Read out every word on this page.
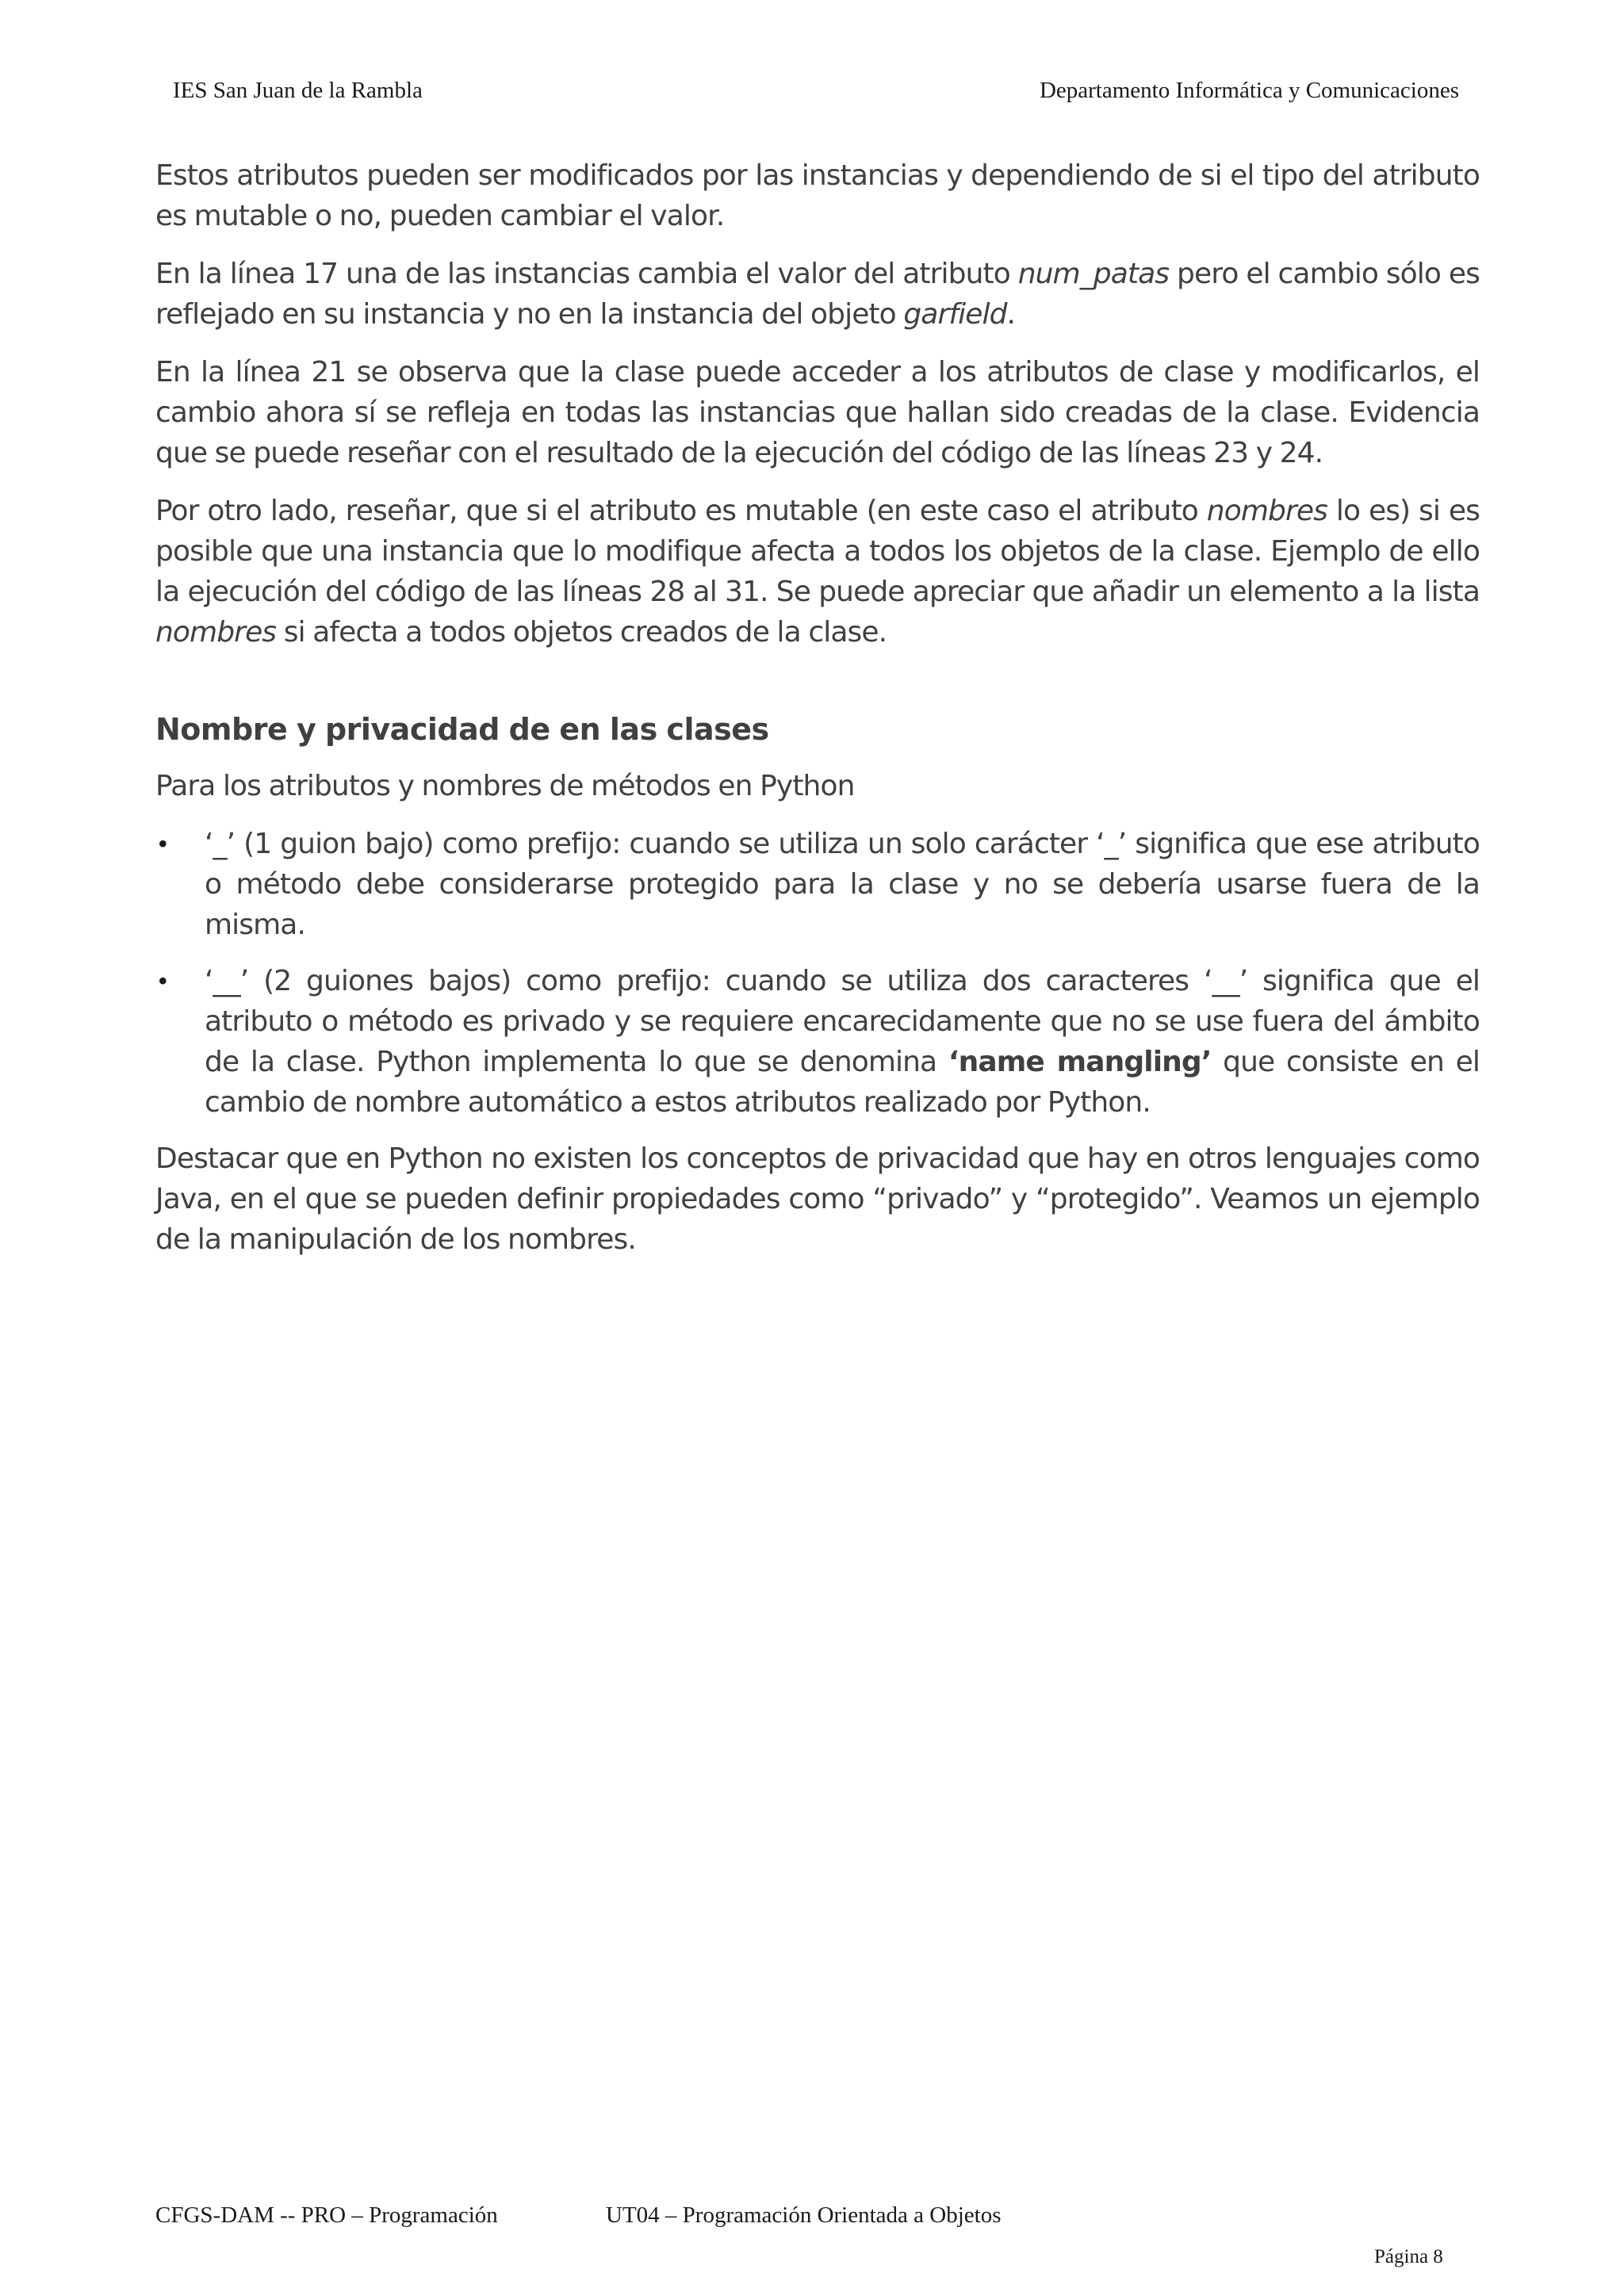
IES San Juan de la Rambla	Departamento Informática y Comunicaciones

Estos atributos pueden ser modificados por las instancias y dependiendo de si el tipo del atributo es mutable o no, pueden cambiar el valor.

En la línea 17 una de las instancias cambia el valor del atributo num_patas pero el cambio sólo es reflejado en su instancia y no en la instancia del objeto garfield.

En la línea 21 se observa que la clase puede acceder a los atributos de clase y modificarlos, el cambio ahora sí se refleja en todas las instancias que hallan sido creadas de la clase. Evidencia que se puede reseñar con el resultado de la ejecución del código de las líneas 23 y 24.

Por otro lado, reseñar, que si el atributo es mutable (en este caso el atributo nombres lo es) si es posible que una instancia que lo modifique afecta a todos los objetos de la clase. Ejemplo de ello la ejecución del código de las líneas 28 al 31. Se puede apreciar que añadir un elemento a la lista nombres si afecta a todos objetos creados de la clase.

Nombre y privacidad de en las clases

Para los atributos y nombres de métodos en Python

• ‘_’ (1 guion bajo) como prefijo: cuando se utiliza un solo carácter ‘_’ significa que ese atributo o método debe considerarse protegido para la clase y no se debería usarse fuera de la misma.
• ‘__’ (2 guiones bajos) como prefijo: cuando se utiliza dos caracteres ‘__’ significa que el atributo o método es privado y se requiere encarecidamente que no se use fuera del ámbito de la clase. Python implementa lo que se denomina ‘name mangling’ que consiste en el cambio de nombre automático a estos atributos realizado por Python.

Destacar que en Python no existen los conceptos de privacidad que hay en otros lenguajes como Java, en el que se pueden definir propiedades como “privado” y “protegido”. Veamos un ejemplo de la manipulación de los nombres.

CFGS-DAM -- PRO – Programación	UT04 – Programación Orientada a Objetos
Página 8
